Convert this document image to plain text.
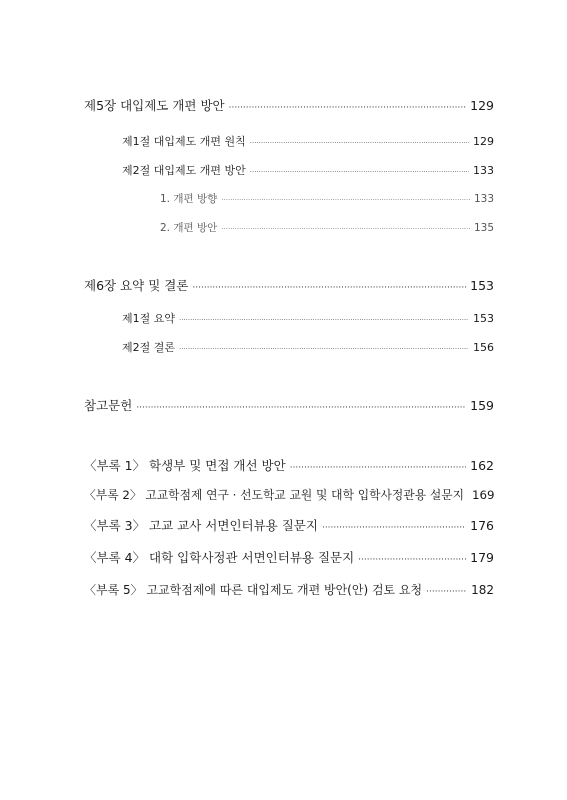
제5장 대입제도 개편 방안 ·····	129
제1절 대입제도 개편 원칙 ·····	129
제2절 대입제도 개편 방안 ·····	133
1. 개편 방향 ·····	133
2. 개편 방안 ·····	135
제6장 요약 및 결론 ·····	153
제1절 요약 ·····	153
제2절 결론 ·····	156
참고문헌 ·····	159
〈부록 1〉 학생부 및 면접 개선 방안 ·····	162
〈부록 2〉 고교학점제 연구 · 선도학교 교원 및 대학 입학사정관용 설문지 169
〈부록 3〉 고교 교사 서면인터뷰용 질문지 ·····	176
〈부록 4〉 대학 입학사정관 서면인터뷰용 질문지 ·····	179
〈부록 5〉 고교학점제에 따른 대입제도 개편 방안(안) 검토 요청 ·····	182
